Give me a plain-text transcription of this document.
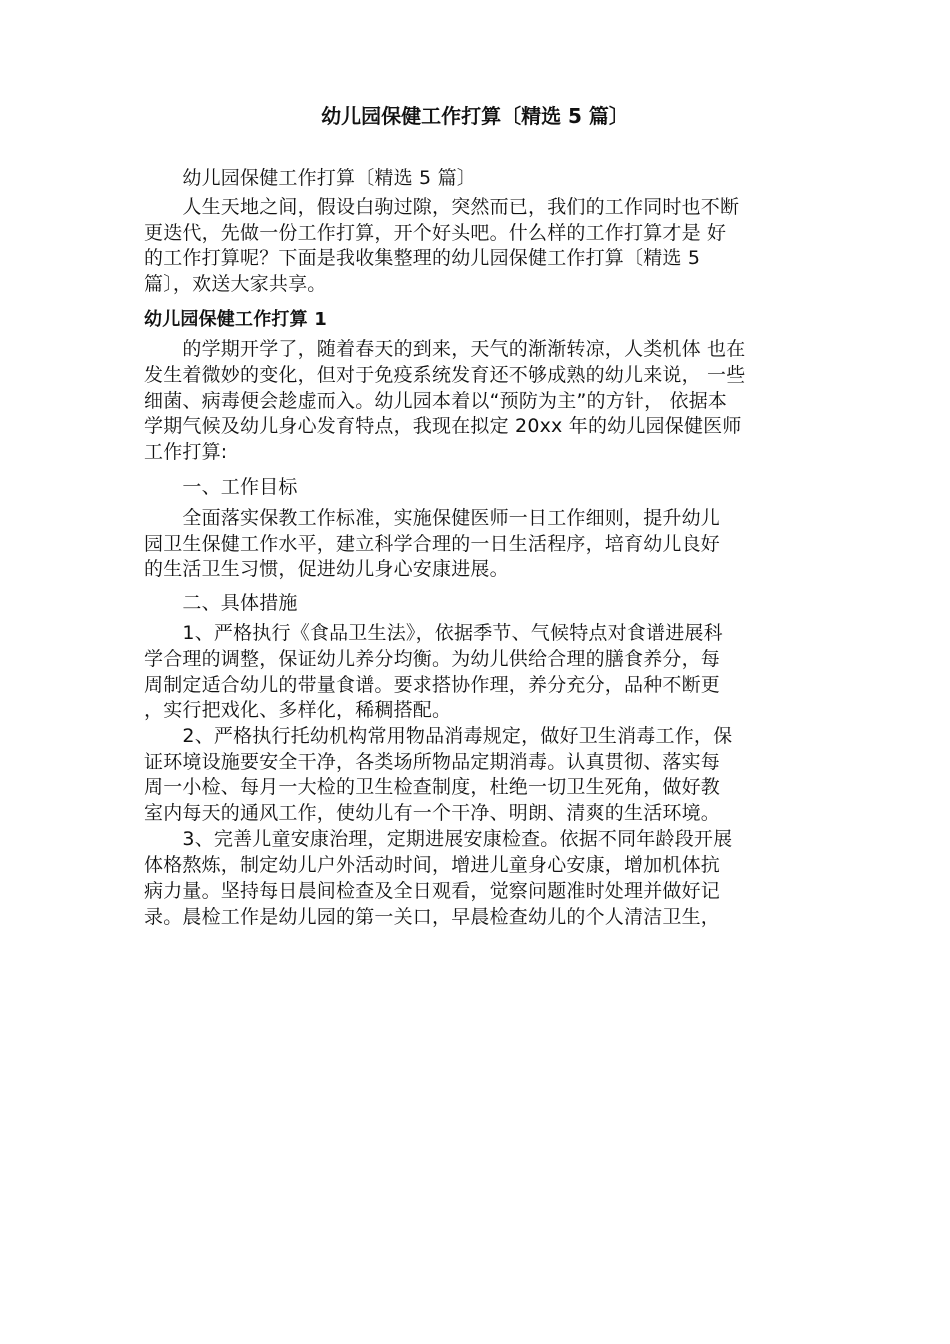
幼儿园保健工作打算〔精选 5 篇〕
　　幼儿园保健工作打算〔精选 5 篇〕
　　人生天地之间，假设白驹过隙，突然而已，我们的工作同时也不断
更迭代，先做一份工作打算，开个好头吧。什么样的工作打算才是 好
的工作打算呢？下面是我收集整理的幼儿园保健工作打算〔精选 5
篇〕，欢送大家共享。
幼儿园保健工作打算 1
　　的学期开学了，随着春天的到来，天气的渐渐转凉，人类机体 也在
发生着微妙的变化，但对于免疫系统发育还不够成熟的幼儿来说， 一些
细菌、病毒便会趁虚而入。幼儿园本着以“预防为主”的方针， 依据本
学期气候及幼儿身心发育特点，我现在拟定 20xx 年的幼儿园保健医师
工作打算:
　　一、工作目标
　　全面落实保教工作标准，实施保健医师一日工作细则，提升幼儿
园卫生保健工作水平，建立科学合理的一日生活程序，培育幼儿良好
的生活卫生习惯，促进幼儿身心安康进展。
　　二、具体措施
　　1、严格执行《食品卫生法》，依据季节、气候特点对食谱进展科
学合理的调整，保证幼儿养分均衡。为幼儿供给合理的膳食养分，每
周制定适合幼儿的带量食谱。要求搭协作理，养分充分，品种不断更
，实行把戏化、多样化，稀稠搭配。
　　2、严格执行托幼机构常用物品消毒规定，做好卫生消毒工作，保
证环境设施要安全干净，各类场所物品定期消毒。认真贯彻、落实每
周一小检、每月一大检的卫生检查制度，杜绝一切卫生死角，做好教
室内每天的通风工作，使幼儿有一个干净、明朗、清爽的生活环境。
　　3、完善儿童安康治理，定期进展安康检查。依据不同年龄段开展
体格熬炼，制定幼儿户外活动时间，增进儿童身心安康，增加机体抗
病力量。坚持每日晨间检查及全日观看，觉察问题准时处理并做好记
录。晨检工作是幼儿园的第一关口，早晨检查幼儿的个人清洁卫生，
